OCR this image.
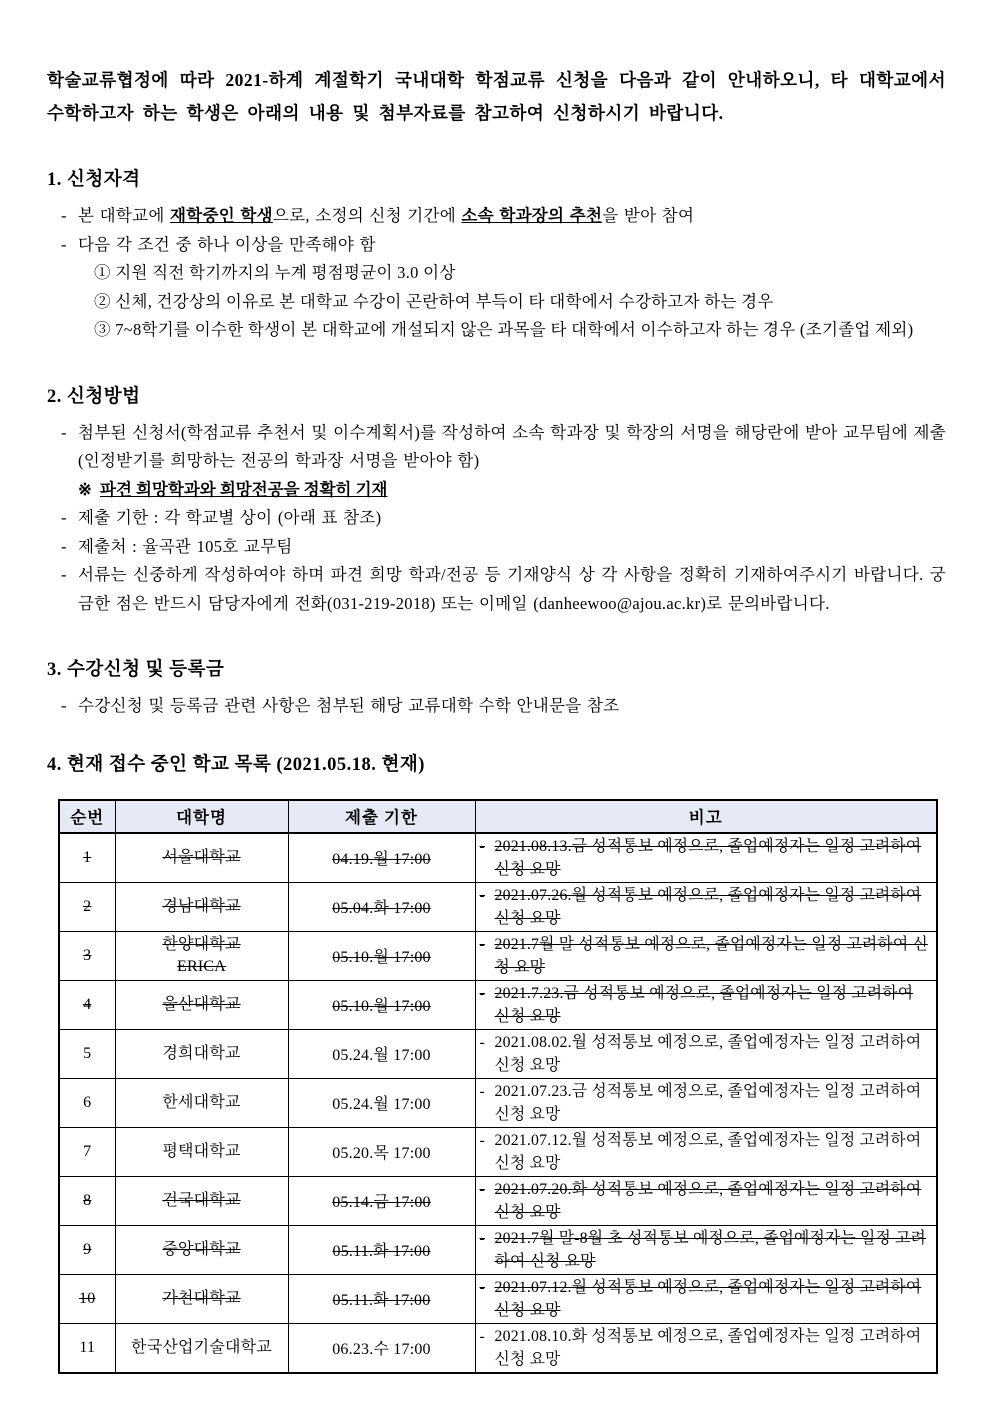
학술교류협정에 따라 2021-하계 계절학기 국내대학 학점교류 신청을 다음과 같이 안내하오니, 타 대학교에서 수학하고자 하는 학생은 아래의 내용 및 첨부자료를 참고하여 신청하시기 바랍니다.

1. 신청자격
- 본 대학교에 재학중인 학생으로, 소정의 신청 기간에 소속 학과장의 추천을 받아 참여
- 다음 각 조건 중 하나 이상을 만족해야 함
① 지원 직전 학기까지의 누계 평점평균이 3.0 이상
② 신체, 건강상의 이유로 본 대학교 수강이 곤란하여 부득이 타 대학에서 수강하고자 하는 경우
③ 7~8학기를 이수한 학생이 본 대학교에 개설되지 않은 과목을 타 대학에서 이수하고자 하는 경우 (조기졸업 제외)
2. 신청방법
- 첨부된 신청서(학점교류 추천서 및 이수계획서)를 작성하여 소속 학과장 및 학장의 서명을 해당란에 받아 교무팀에 제출 (인정받기를 희망하는 전공의 학과장 서명을 받아야 함)
※ 파견 희망학과와 희망전공을 정확히 기재
- 제출 기한 : 각 학교별 상이 (아래 표 참조)
- 제출처 : 율곡관 105호 교무팀
- 서류는 신중하게 작성하여야 하며 파견 희망 학과/전공 등 기재양식 상 각 사항을 정확히 기재하여주시기 바랍니다. 궁금한 점은 반드시 담당자에게 전화(031-219-2018) 또는 이메일 (danheewoo@ajou.ac.kr)로 문의바랍니다.
3. 수강신청 및 등록금
- 수강신청 및 등록금 관련 사항은 첨부된 해당 교류대학 수학 안내문을 참조
4. 현재 접수 중인 학교 목록 (2021.05.18. 현재)
순번	대학명	제출 기한	비고
1	서울대학교	04.19.월 17:00	- 2021.08.13.금 성적통보 예정으로, 졸업예정자는 일정 고려하여 신청 요망

2	경남대학교	05.04.화 17:00	- 2021.07.26.월 성적통보 예정으로, 졸업예정자는 일정 고려하여 신청 요망

3	한양대학교
ERICA	05.10.월 17:00	- 2021.7월 말 성적통보 예정으로, 졸업예정자는 일정 고려하여 신청 요망

4	울산대학교	05.10.월 17:00	- 2021.7.23.금 성적통보 예정으로, 졸업예정자는 일정 고려하여 신청 요망

5	경희대학교	05.24.월 17:00	- 2021.08.02.월 성적통보 예정으로, 졸업예정자는 일정 고려하여 신청 요망

6	한세대학교	05.24.월 17:00	- 2021.07.23.금 성적통보 예정으로, 졸업예정자는 일정 고려하여 신청 요망

7	평택대학교	05.20.목 17:00	- 2021.07.12.월 성적통보 예정으로, 졸업예정자는 일정 고려하여 신청 요망

8	건국대학교	05.14.금 17:00	- 2021.07.20.화 성적통보 예정으로, 졸업예정자는 일정 고려하여 신청 요망

9	중앙대학교	05.11.화 17:00	- 2021.7월 말-8월 초 성적통보 예정으로, 졸업예정자는 일정 고려하여 신청 요망

10	가천대학교	05.11.화 17:00	- 2021.07.12.월 성적통보 예정으로, 졸업예정자는 일정 고려하여 신청 요망

11	한국산업기술대학교	06.23.수 17:00	- 2021.08.10.화 성적통보 예정으로, 졸업예정자는 일정 고려하여 신청 요망
